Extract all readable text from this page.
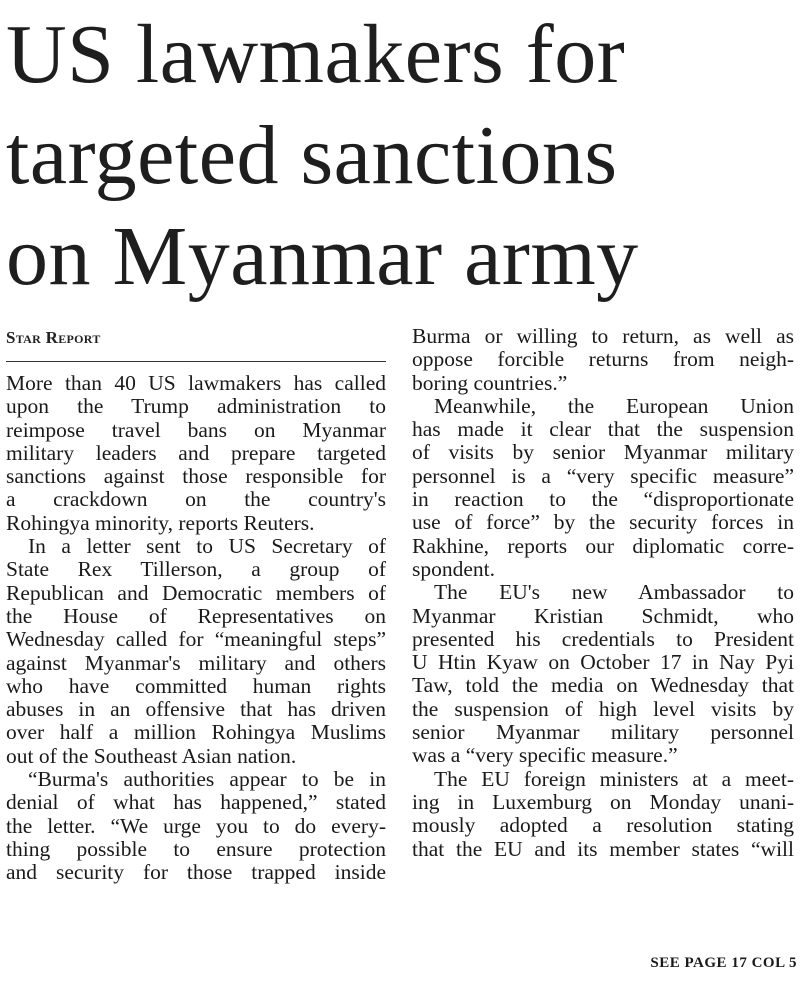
US lawmakers for
targeted sanctions
on Myanmar army
Star Report
More than 40 US lawmakers has called
upon the Trump administration to
reimpose travel bans on Myanmar
military leaders and prepare targeted
sanctions against those responsible for
a crackdown on the country's
Rohingya minority, reports Reuters.
In a letter sent to US Secretary of
State Rex Tillerson, a group of
Republican and Democratic members of
the House of Representatives on
Wednesday called for “meaningful steps”
against Myanmar's military and others
who have committed human rights
abuses in an offensive that has driven
over half a million Rohingya Muslims
out of the Southeast Asian nation.
“Burma's authorities appear to be in
denial of what has happened,” stated
the letter. “We urge you to do every-
thing possible to ensure protection
and security for those trapped inside
Burma or willing to return, as well as
oppose forcible returns from neigh-
boring countries.”
Meanwhile, the European Union
has made it clear that the suspension
of visits by senior Myanmar military
personnel is a “very specific measure”
in reaction to the “disproportionate
use of force” by the security forces in
Rakhine, reports our diplomatic corre-
spondent.
The EU's new Ambassador to
Myanmar Kristian Schmidt, who
presented his credentials to President
U Htin Kyaw on October 17 in Nay Pyi
Taw, told the media on Wednesday that
the suspension of high level visits by
senior Myanmar military personnel
was a “very specific measure.”
The EU foreign ministers at a meet-
ing in Luxemburg on Monday unani-
mously adopted a resolution stating
that the EU and its member states “will
SEE PAGE 17 COL 5
